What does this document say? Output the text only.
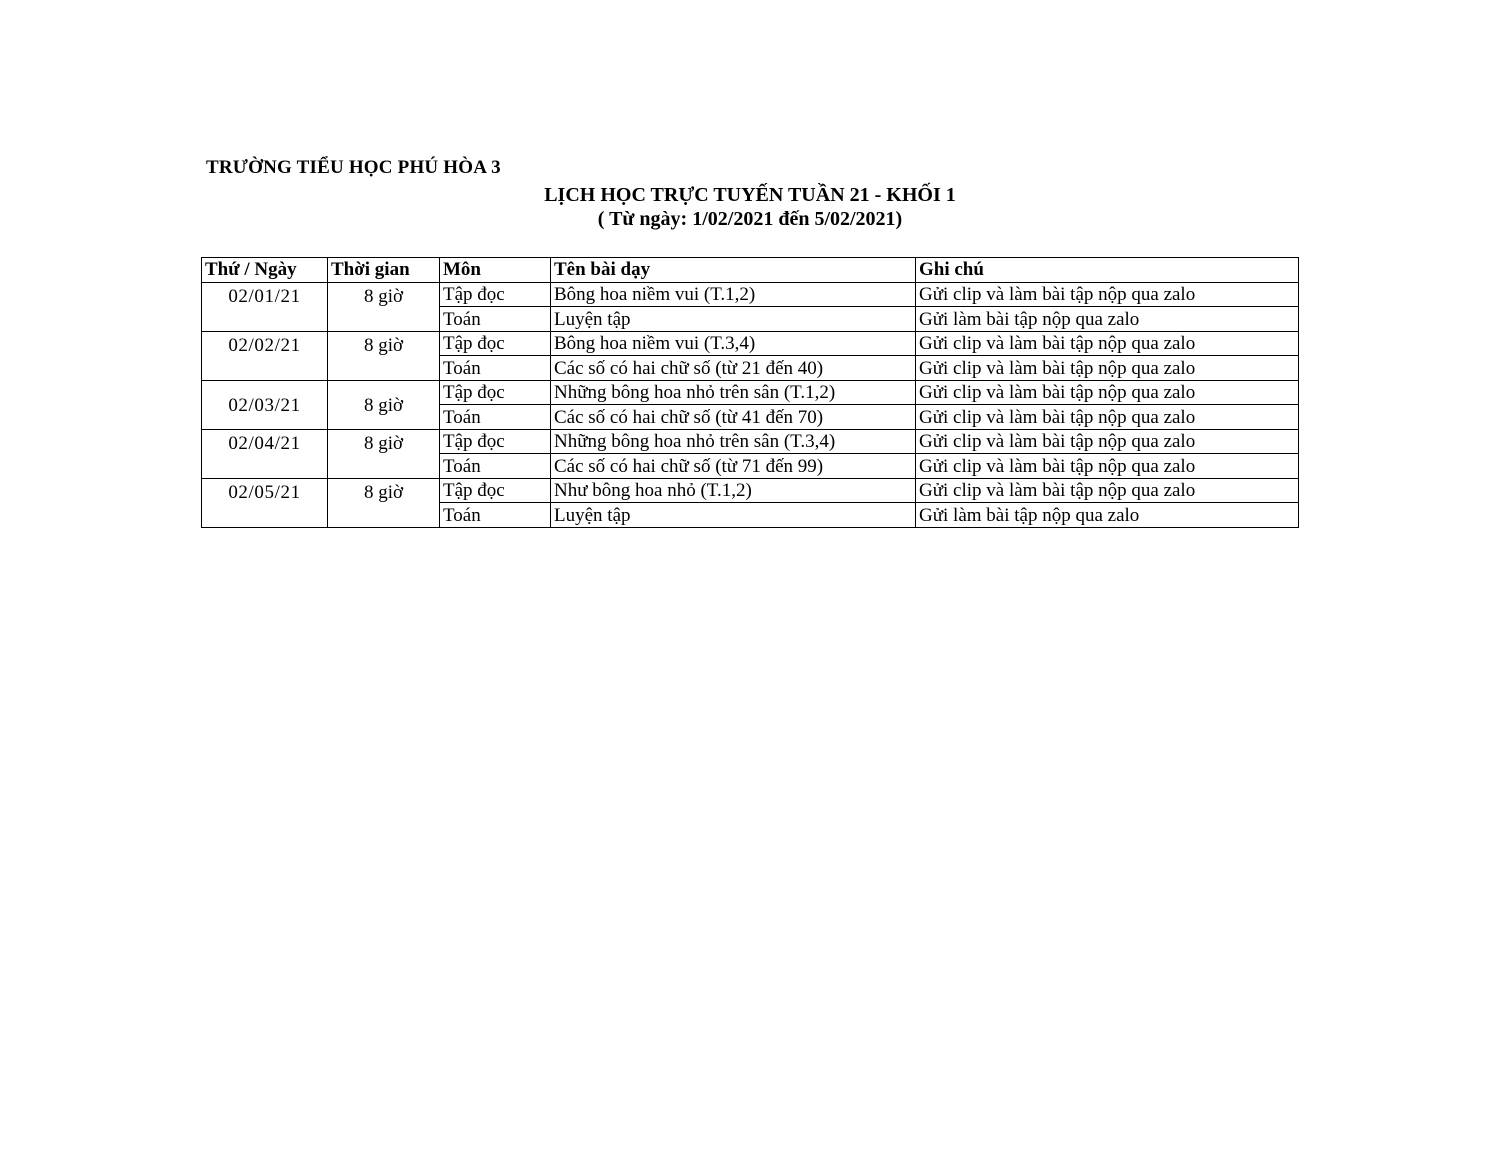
TRƯỜNG TIỂU HỌC PHÚ HÒA 3
LỊCH HỌC TRỰC TUYẾN TUẦN 21 - KHỐI 1
( Từ ngày: 1/02/2021 đến 5/02/2021)
Thứ / Ngày	Thời gian	Môn	Tên bài dạy	Ghi chú
02/01/21	8 giờ	Tập đọc	Bông hoa niềm vui (T.1,2)	Gửi clip và làm bài tập nộp qua zalo
		Toán	Luyện tập	Gửi làm bài tập nộp qua zalo
02/02/21	8 giờ	Tập đọc	Bông hoa niềm vui (T.3,4)	Gửi clip và làm bài tập nộp qua zalo
		Toán	Các số có hai chữ số (từ 21 đến 40)	Gửi clip và làm bài tập nộp qua zalo
02/03/21	8 giờ	Tập đọc	Những bông hoa nhỏ trên sân (T.1,2)	Gửi clip và làm bài tập nộp qua zalo
		Toán	Các số có hai chữ số (từ 41 đến 70)	Gửi clip và làm bài tập nộp qua zalo
02/04/21	8 giờ	Tập đọc	Những bông hoa nhỏ trên sân (T.3,4)	Gửi clip và làm bài tập nộp qua zalo
		Toán	Các số có hai chữ số (từ 71 đến 99)	Gửi clip và làm bài tập nộp qua zalo
02/05/21	8 giờ	Tập đọc	Như bông hoa nhỏ (T.1,2)	Gửi clip và làm bài tập nộp qua zalo
		Toán	Luyện tập	Gửi làm bài tập nộp qua zalo
